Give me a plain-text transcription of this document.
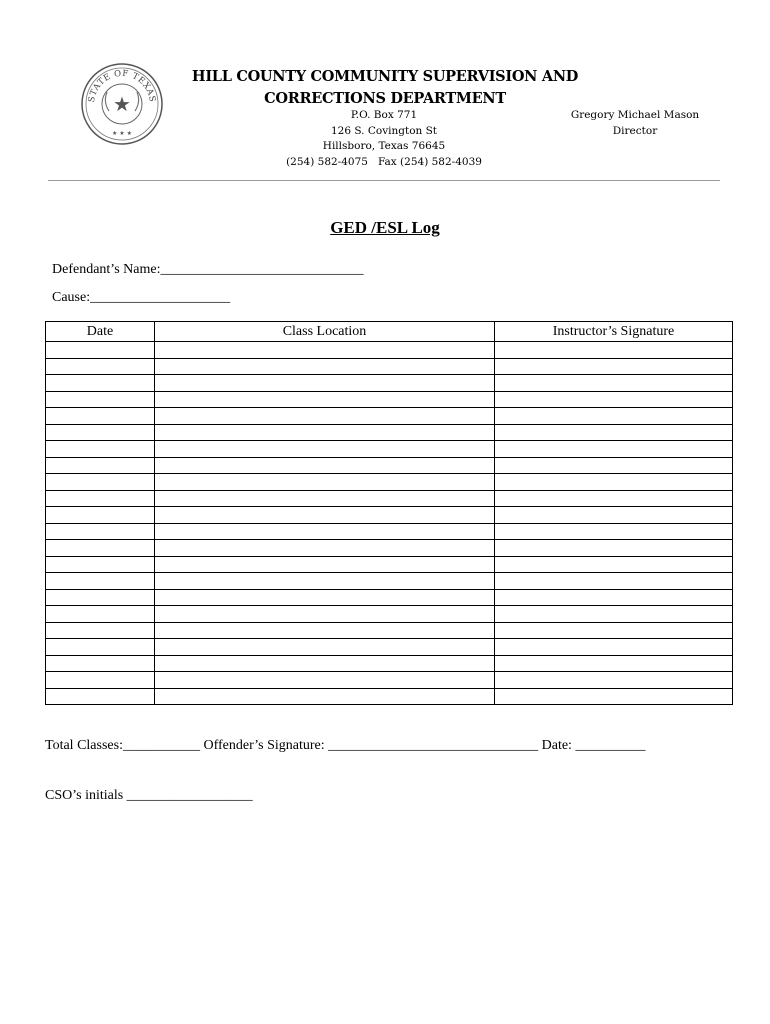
STATE OF TEXAS
★
★ ★ ★
HILL COUNTY COMMUNITY SUPERVISION AND
CORRECTIONS DEPARTMENT
P.O. Box 771
126 S. Covington St
Hillsboro, Texas 76645
(254) 582-4075   Fax (254) 582-4039
Gregory Michael Mason
Director
GED /ESL Log
Defendant’s Name:_____________________________
Cause:____________________
Date	Class Location	Instructor’s Signature

Total Classes:___________ Offender’s Signature: ______________________________ Date: __________
CSO’s initials __________________
